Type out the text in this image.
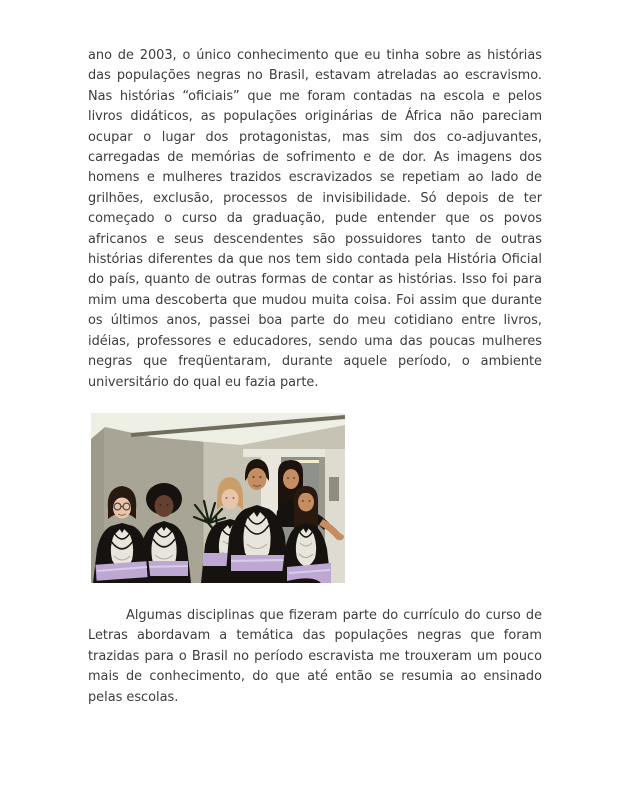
ano de 2003, o único conhecimento que eu tinha sobre as histórias das populações negras no Brasil, estavam atreladas ao escravismo. Nas histórias “oficiais” que me foram contadas na escola e pelos livros didáticos, as populações originárias de África não pareciam ocupar o lugar dos protagonistas, mas sim dos co-adjuvantes, carregadas de memórias de sofrimento e de dor. As imagens dos homens e mulheres trazidos escravizados se repetiam ao lado de grilhões, exclusão, processos de invisibilidade. Só depois de ter começado o curso da graduação, pude entender que os povos africanos e seus descendentes são possuidores tanto de outras histórias diferentes da que nos tem sido contada pela História Oficial do país, quanto de outras formas de contar as histórias. Isso foi para mim uma descoberta que mudou muita coisa. Foi assim que durante os últimos anos, passei boa parte do meu cotidiano entre livros, idéias, professores e educadores, sendo uma das poucas mulheres negras que freqüentaram, durante aquele período, o ambiente universitário do qual eu fazia parte.

Algumas disciplinas que fizeram parte do currículo do curso de Letras abordavam a temática das populações negras que foram trazidas para o Brasil no período escravista me trouxeram um pouco mais de conhecimento, do que até então se resumia ao ensinado pelas escolas.
